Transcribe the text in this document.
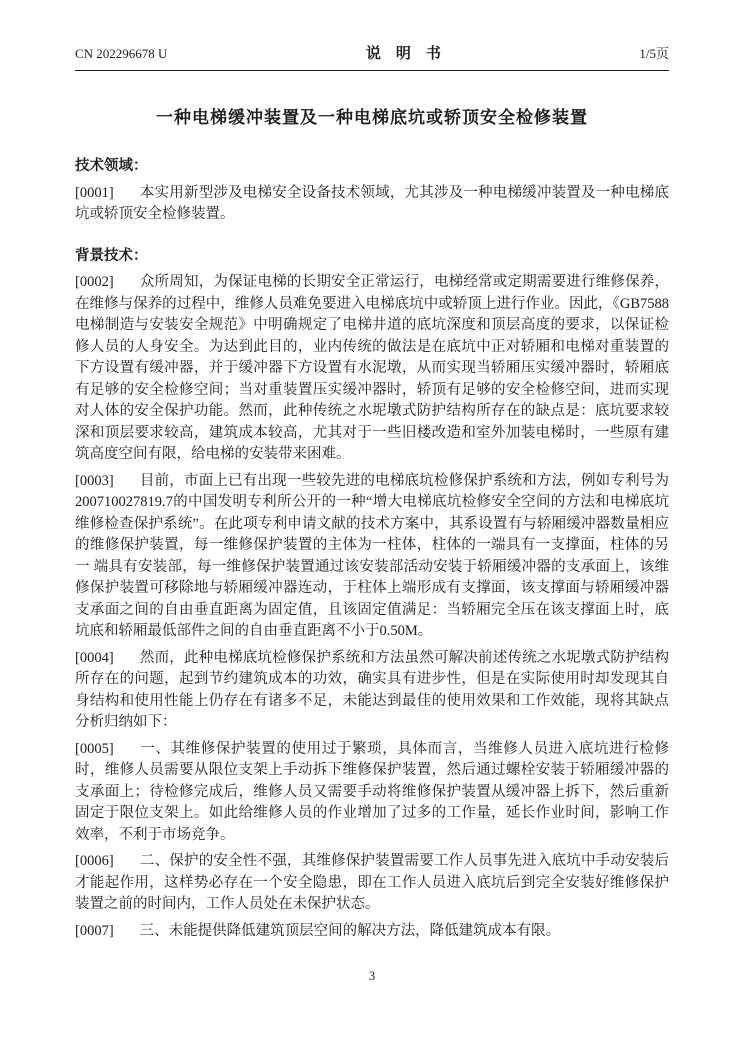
CN 202296678 U	说　明　书	1/5页
一种电梯缓冲装置及一种电梯底坑或轿顶安全检修装置
技术领域：

[0001] 本实用新型涉及电梯安全设备技术领域，尤其涉及一种电梯缓冲装置及一种电梯底坑或轿顶安全检修装置。

背景技术：

[0002] 众所周知，为保证电梯的长期安全正常运行，电梯经常或定期需要进行维修保养，在维修与保养的过程中，维修人员难免要进入电梯底坑中或轿顶上进行作业。因此，《GB7588 电梯制造与安装安全规范》中明确规定了电梯井道的底坑深度和顶层高度的要求，以保证检修人员的人身安全。为达到此目的，业内传统的做法是在底坑中正对轿厢和电梯对重装置的下方设置有缓冲器，并于缓冲器下方设置有水泥墩，从而实现当轿厢压实缓冲器时，轿厢底有足够的安全检修空间；当对重装置压实缓冲器时，轿顶有足够的安全检修空间，进而实现对人体的安全保护功能。然而，此种传统之水坭墩式防护结构所存在的缺点是：底坑要求较深和顶层要求较高，建筑成本较高，尤其对于一些旧楼改造和室外加装电梯时，一些原有建筑高度空间有限，给电梯的安装带来困难。

[0003] 目前，市面上已有出现一些较先进的电梯底坑检修保护系统和方法，例如专利号为200710027819.7的中国发明专利所公开的一种“增大电梯底坑检修安全空间的方法和电梯底坑维修检查保护系统”。在此项专利申请文献的技术方案中，其系设置有与轿厢缓冲器数量相应的维修保护装置，每一维修保护装置的主体为一柱体，柱体的一端具有一支撑面，柱体的另一 端具有安装部，每一维修保护装置通过该安装部活动安装于轿厢缓冲器的支承面上，该维修保护装置可移除地与轿厢缓冲器连动，于柱体上端形成有支撑面，该支撑面与轿厢缓冲器支承面之间的自由垂直距离为固定值，且该固定值满足：当轿厢完全压在该支撑面上时，底坑底和轿厢最低部件之间的自由垂直距离不小于0.50M。

[0004] 然而，此种电梯底坑检修保护系统和方法虽然可解决前述传统之水坭墩式防护结构所存在的问题，起到节约建筑成本的功效，确实具有进步性，但是在实际使用时却发现其自身结构和使用性能上仍存在有诸多不足，未能达到最佳的使用效果和工作效能，现将其缺点分析归纳如下：

[0005] 一、其维修保护装置的使用过于繁琐，具体而言，当维修人员进入底坑进行检修时，维修人员需要从限位支架上手动拆下维修保护装置，然后通过螺栓安装于轿厢缓冲器的支承面上；待检修完成后，维修人员又需要手动将维修保护装置从缓冲器上拆下，然后重新固定于限位支架上。如此给维修人员的作业增加了过多的工作量，延长作业时间，影响工作效率，不利于市场竞争。

[0006] 二、保护的安全性不强，其维修保护装置需要工作人员事先进入底坑中手动安装后才能起作用，这样势必存在一个安全隐患，即在工作人员进入底坑后到完全安装好维修保护装置之前的时间内，工作人员处在未保护状态。

[0007] 三、未能提供降低建筑顶层空间的解决方法，降低建筑成本有限。

3
